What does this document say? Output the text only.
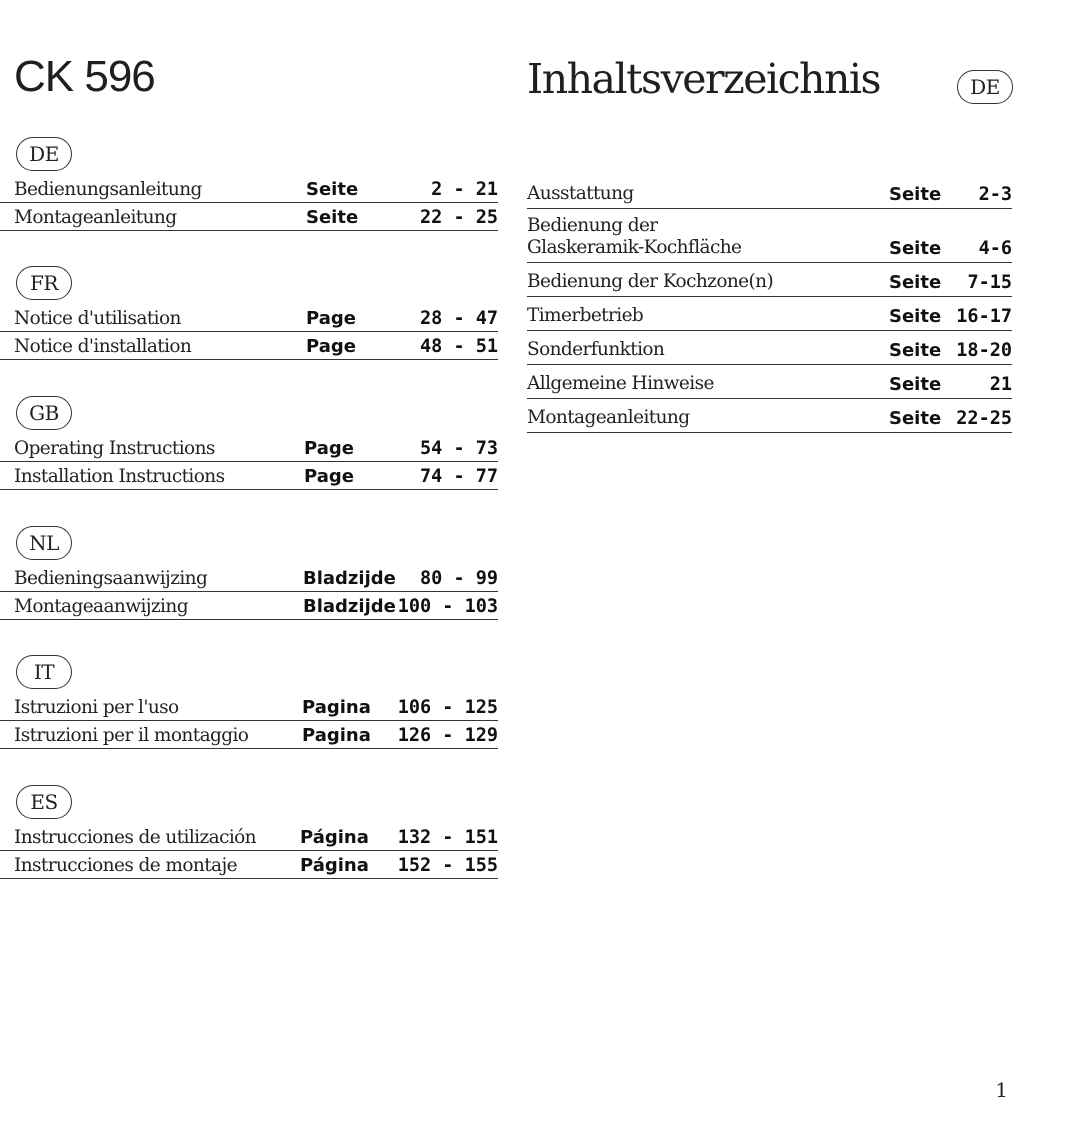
CK 596	Inhaltsverzeichnis	DE
DE
Bedienungsanleitung	Seite	2 - 21
Montageanleitung	Seite	22 - 25
FR
Notice d'utilisation	Page	28 - 47
Notice d'installation	Page	48 - 51
GB
Operating Instructions	Page	54 - 73
Installation Instructions	Page	74 - 77
NL
Bedieningsaanwijzing	Bladzijde 80 - 99
Montageaanwijzing	Bladzijde 100 - 103
IT
Istruzioni per l'uso	Pagina 106 - 125
Istruzioni per il montaggio	Pagina 126 - 129
ES
Instrucciones de utilización Página 132 - 151
Instrucciones de montaje	Página 152 - 155
Ausstattung	Seite 2-3
Bedienung der
Glaskeramik-Kochfläche	Seite 4-6
Bedienung der Kochzone(n)	Seite 7-15
Timerbetrieb	Seite 16-17
Sonderfunktion	Seite 18-20
Allgemeine Hinweise	Seite	21
Montageanleitung	Seite 22-25
1
